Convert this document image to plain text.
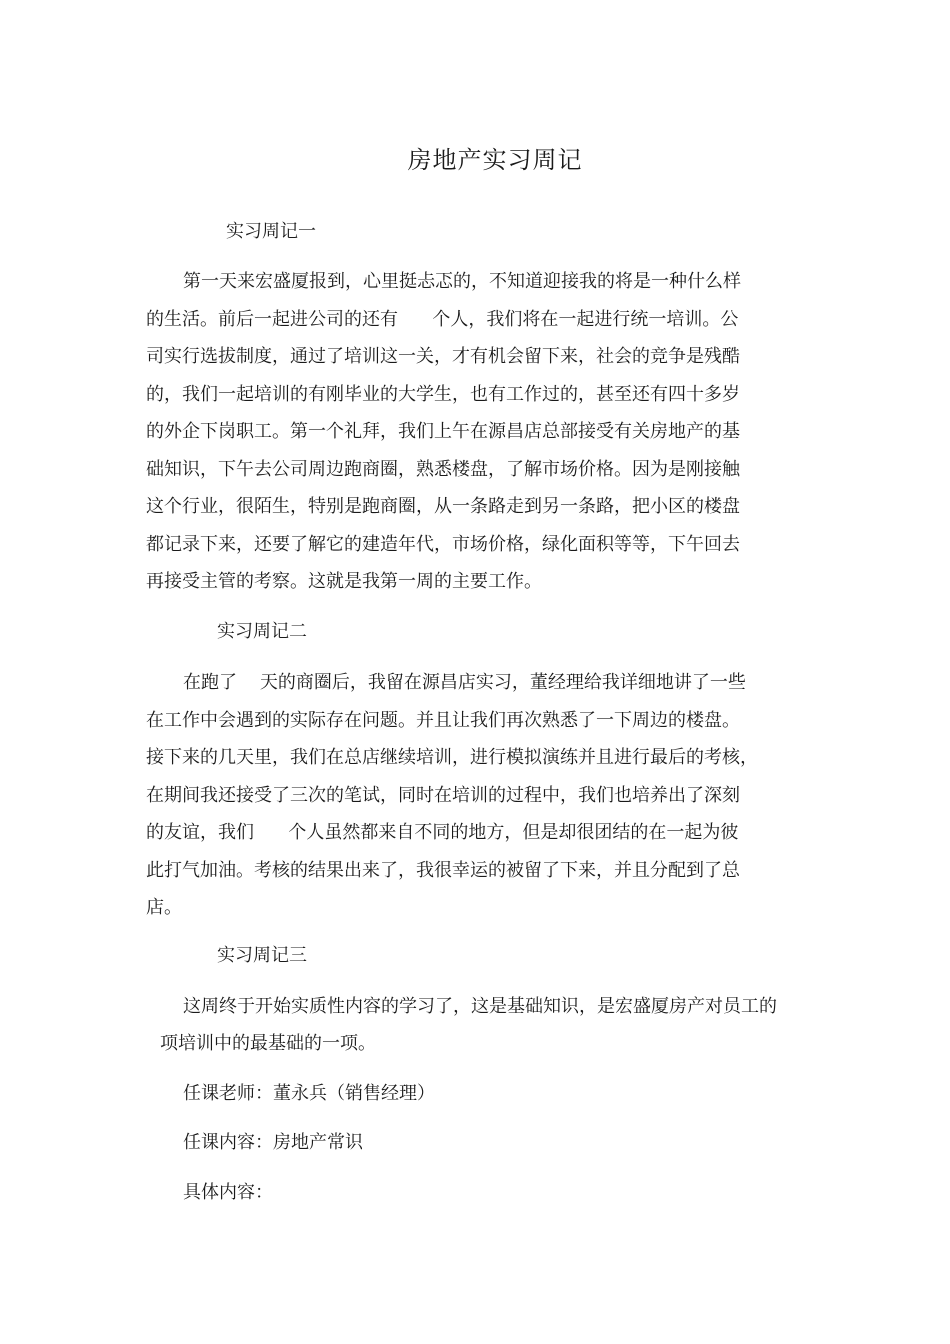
房地产实习周记
实习周记一
第一天来宏盛厦报到，心里挺忐忑的，不知道迎接我的将是一种什么样
的生活。前后一起进公司的还有      个人，我们将在一起进行统一培训。公
司实行选拔制度，通过了培训这一关，才有机会留下来，社会的竞争是残酷
的，我们一起培训的有刚毕业的大学生，也有工作过的，甚至还有四十多岁
的外企下岗职工。第一个礼拜，我们上午在源昌店总部接受有关房地产的基
础知识，下午去公司周边跑商圈，熟悉楼盘，了解市场价格。因为是刚接触
这个行业，很陌生，特别是跑商圈，从一条路走到另一条路，把小区的楼盘
都记录下来，还要了解它的建造年代，市场价格，绿化面积等等，下午回去
再接受主管的考察。这就是我第一周的主要工作。
实习周记二
在跑了    天的商圈后，我留在源昌店实习，董经理给我详细地讲了一些
在工作中会遇到的实际存在问题。并且让我们再次熟悉了一下周边的楼盘。
接下来的几天里，我们在总店继续培训，进行模拟演练并且进行最后的考核，
在期间我还接受了三次的笔试，同时在培训的过程中，我们也培养出了深刻
的友谊，我们      个人虽然都来自不同的地方，但是却很团结的在一起为彼
此打气加油。考核的结果出来了，我很幸运的被留了下来，并且分配到了总
店。
实习周记三
这周终于开始实质性内容的学习了，这是基础知识，是宏盛厦房产对员工的
项培训中的最基础的一项。
任课老师：董永兵（销售经理）
任课内容：房地产常识
具体内容：
